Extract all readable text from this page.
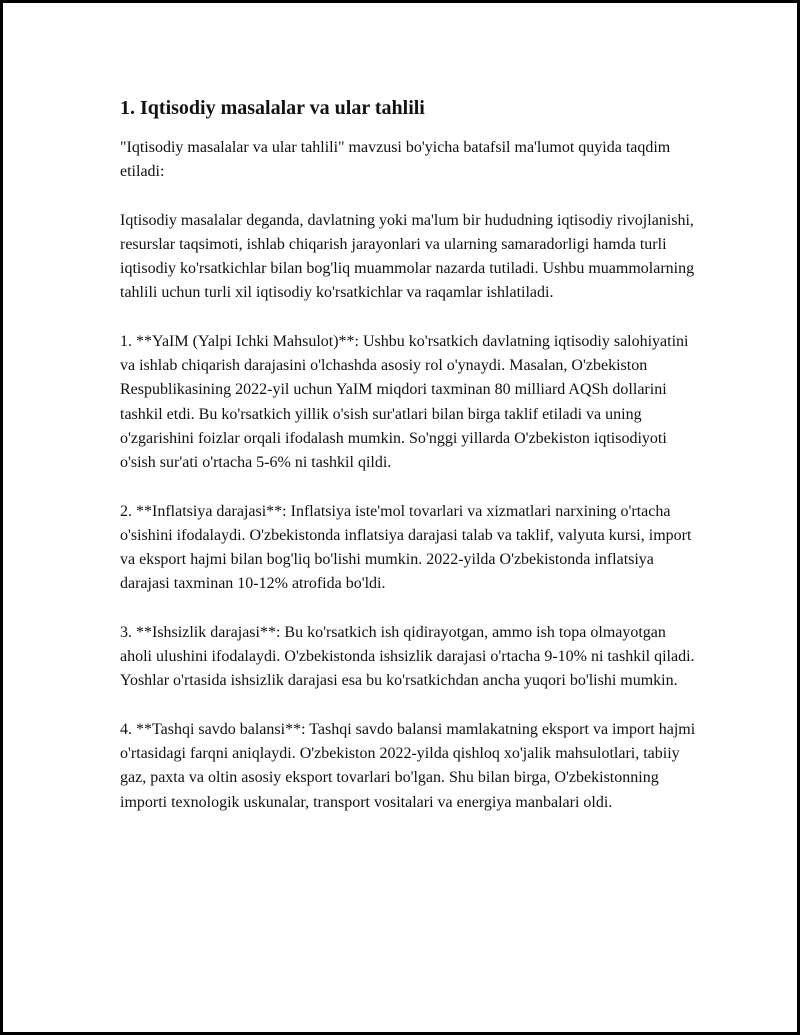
1. Iqtisodiy masalalar va ular tahlili

"Iqtisodiy masalalar va ular tahlili" mavzusi bo'yicha batafsil ma'lumot quyida taqdim etiladi:

Iqtisodiy masalalar deganda, davlatning yoki ma'lum bir hududning iqtisodiy rivojlanishi, resurslar taqsimoti, ishlab chiqarish jarayonlari va ularning samaradorligi hamda turli iqtisodiy ko'rsatkichlar bilan bog'liq muammolar nazarda tutiladi. Ushbu muammolarning tahlili uchun turli xil iqtisodiy ko'rsatkichlar va raqamlar ishlatiladi.

1. **YaIM (Yalpi Ichki Mahsulot)**: Ushbu ko'rsatkich davlatning iqtisodiy salohiyatini va ishlab chiqarish darajasini o'lchashda asosiy rol o'ynaydi. Masalan, O'zbekiston Respublikasining 2022-yil uchun YaIM miqdori taxminan 80 milliard AQSh dollarini tashkil etdi. Bu ko'rsatkich yillik o'sish sur'atlari bilan birga taklif etiladi va uning o'zgarishini foizlar orqali ifodalash mumkin. So'nggi yillarda O'zbekiston iqtisodiyoti o'sish sur'ati o'rtacha 5-6% ni tashkil qildi.

2. **Inflatsiya darajasi**: Inflatsiya iste'mol tovarlari va xizmatlari narxining o'rtacha o'sishini ifodalaydi. O'zbekistonda inflatsiya darajasi talab va taklif, valyuta kursi, import va eksport hajmi bilan bog'liq bo'lishi mumkin. 2022-yilda O'zbekistonda inflatsiya darajasi taxminan 10-12% atrofida bo'ldi.

3. **Ishsizlik darajasi**: Bu ko'rsatkich ish qidirayotgan, ammo ish topa olmayotgan aholi ulushini ifodalaydi. O'zbekistonda ishsizlik darajasi o'rtacha 9-10% ni tashkil qiladi. Yoshlar o'rtasida ishsizlik darajasi esa bu ko'rsatkichdan ancha yuqori bo'lishi mumkin.

4. **Tashqi savdo balansi**: Tashqi savdo balansi mamlakatning eksport va import hajmi o'rtasidagi farqni aniqlaydi. O'zbekiston 2022-yilda qishloq xo'jalik mahsulotlari, tabiiy gaz, paxta va oltin asosiy eksport tovarlari bo'lgan. Shu bilan birga, O'zbekistonning importi texnologik uskunalar, transport vositalari va energiya manbalari oldi.
